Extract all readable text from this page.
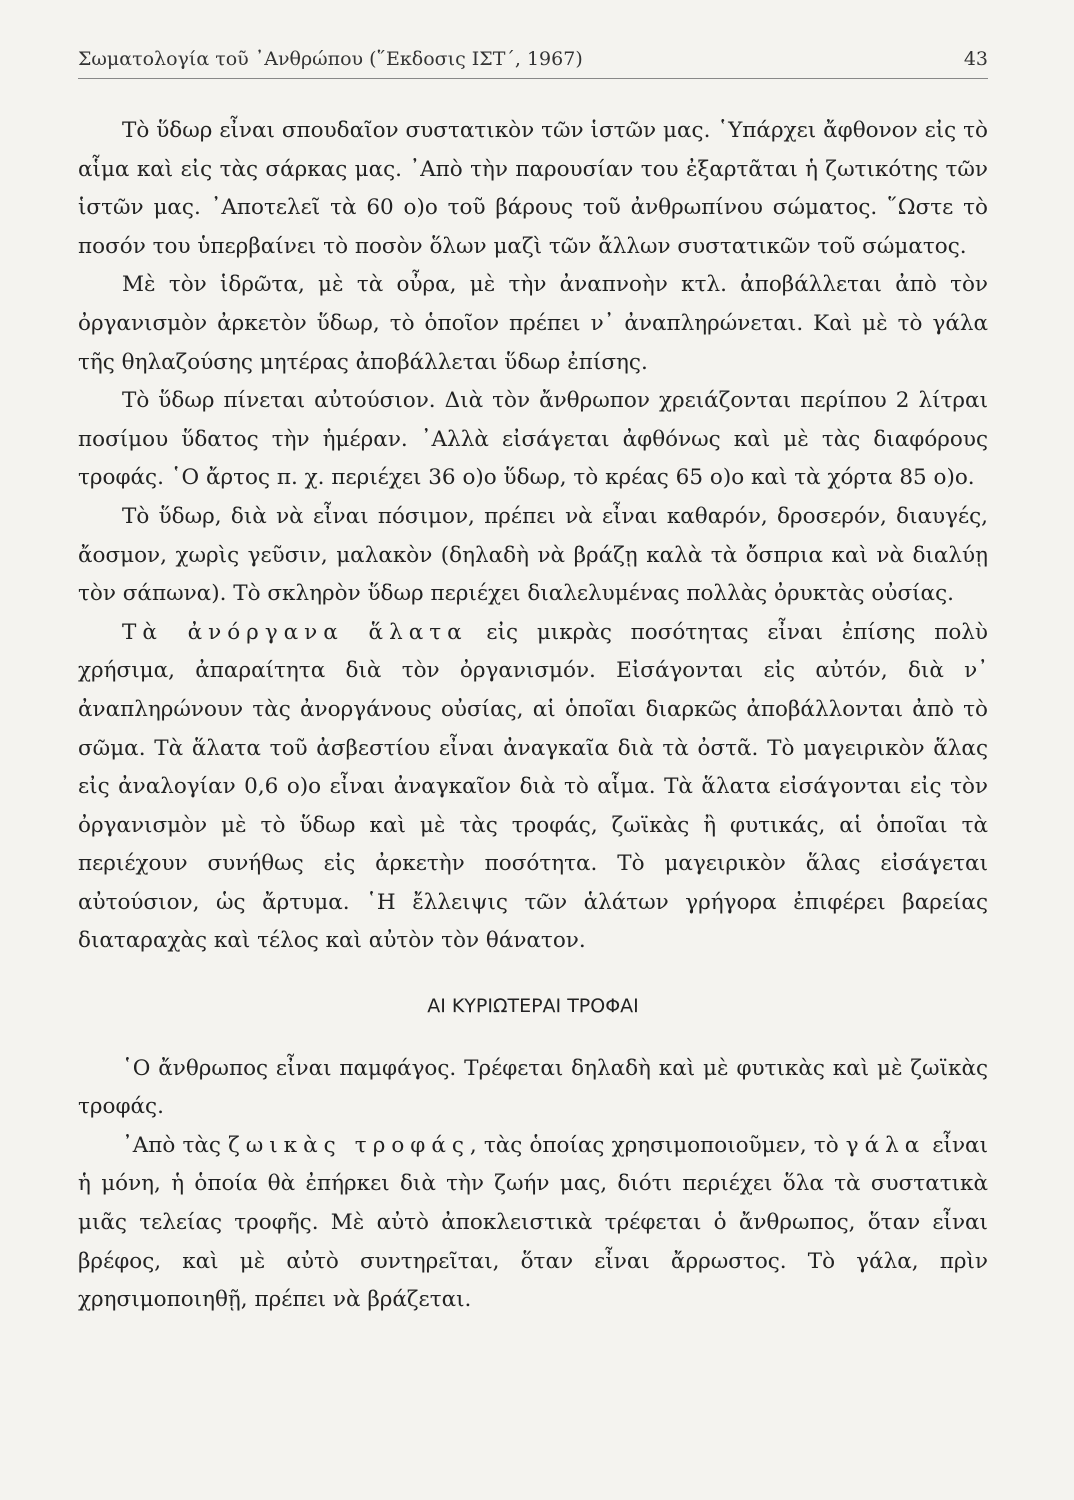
Σωματολογία τοῦ ᾿Ανθρώπου (῞Εκδοσις ΙΣΤ΄, 1967)	43

Τὸ ὕδωρ εἶναι σπουδαῖον συστατικὸν τῶν ἱστῶν μας. ῾Υπάρχει ἄφθονον εἰς τὸ αἷμα καὶ εἰς τὰς σάρκας μας. ᾿Απὸ τὴν παρουσίαν του ἐξαρτᾶται ἡ ζωτικότης τῶν ἱστῶν μας. ᾿Αποτελεῖ τὰ 60 ο)ο τοῦ βάρους τοῦ ἀνθρωπίνου σώματος. ῞Ωστε τὸ ποσόν του ὑπερβαίνει τὸ ποσὸν ὅλων μαζὶ τῶν ἄλλων συστατικῶν τοῦ σώματος.

Μὲ τὸν ἱδρῶτα, μὲ τὰ οὖρα, μὲ τὴν ἀναπνοὴν κτλ. ἀποβάλλεται ἀπὸ τὸν ὀργανισμὸν ἀρκετὸν ὕδωρ, τὸ ὁποῖον πρέπει ν᾿ ἀναπληρώνεται. Καὶ μὲ τὸ γάλα τῆς θηλαζούσης μητέρας ἀποβάλλεται ὕδωρ ἐπίσης.

Τὸ ὕδωρ πίνεται αὐτούσιον. Διὰ τὸν ἄνθρωπον χρειάζονται περίπου 2 λίτραι ποσίμου ὕδατος τὴν ἡμέραν. ᾿Αλλὰ εἰσάγεται ἀφθόνως καὶ μὲ τὰς διαφόρους τροφάς. ῾Ο ἄρτος π. χ. περιέχει 36 ο)ο ὕδωρ, τὸ κρέας 65 ο)ο καὶ τὰ χόρτα 85 ο)ο.

Τὸ ὕδωρ, διὰ νὰ εἶναι πόσιμον, πρέπει νὰ εἶναι καθαρόν, δροσερόν, διαυγές, ἄοσμον, χωρὶς γεῦσιν, μαλακὸν (δηλαδὴ νὰ βράζῃ καλὰ τὰ ὄσπρια καὶ νὰ διαλύῃ τὸν σάπωνα). Τὸ σκληρὸν ὕδωρ περιέχει διαλελυμένας πολλὰς ὀρυκτὰς οὐσίας.

Τὰ ἀνόργανα ἅλατα εἰς μικρὰς ποσότητας εἶναι ἐπίσης πολὺ χρήσιμα, ἀπαραίτητα διὰ τὸν ὀργανισμόν. Εἰσάγονται εἰς αὐτόν, διὰ ν᾿ ἀναπληρώνουν τὰς ἀνοργάνους οὐσίας, αἱ ὁποῖαι διαρκῶς ἀποβάλλονται ἀπὸ τὸ σῶμα. Τὰ ἅλατα τοῦ ἀσβεστίου εἶναι ἀναγκαῖα διὰ τὰ ὀστᾶ. Τὸ μαγειρικὸν ἅλας εἰς ἀναλογίαν 0,6 ο)ο εἶναι ἀναγκαῖον διὰ τὸ αἷμα. Τὰ ἅλατα εἰσάγονται εἰς τὸν ὀργανισμὸν μὲ τὸ ὕδωρ καὶ μὲ τὰς τροφάς, ζωϊκὰς ἢ φυτικάς, αἱ ὁποῖαι τὰ περιέχουν συνήθως εἰς ἀρκετὴν ποσότητα. Τὸ μαγειρικὸν ἅλας εἰσάγεται αὐτούσιον, ὡς ἄρτυμα. ῾Η ἔλλειψις τῶν ἁλάτων γρήγορα ἐπιφέρει βαρείας διαταραχὰς καὶ τέλος καὶ αὐτὸν τὸν θάνατον.

ΑΙ ΚΥΡΙΩΤΕΡΑΙ ΤΡΟΦΑΙ

῾Ο ἄνθρωπος εἶναι παμφάγος. Τρέφεται δηλαδὴ καὶ μὲ φυτικὰς καὶ μὲ ζωϊκὰς τροφάς.

᾿Απὸ τὰς ζωικὰς τροφάς, τὰς ὁποίας χρησιμοποιοῦμεν, τὸ γάλα εἶναι ἡ μόνη, ἡ ὁποία θὰ ἐπήρκει διὰ τὴν ζωήν μας, διότι περιέχει ὅλα τὰ συστατικὰ μιᾶς τελείας τροφῆς. Μὲ αὐτὸ ἀποκλειστικὰ τρέφεται ὁ ἄνθρωπος, ὅταν εἶναι βρέφος, καὶ μὲ αὐτὸ συντηρεῖται, ὅταν εἶναι ἄρρωστος. Τὸ γάλα, πρὶν χρησιμοποιηθῇ, πρέπει νὰ βράζεται.
